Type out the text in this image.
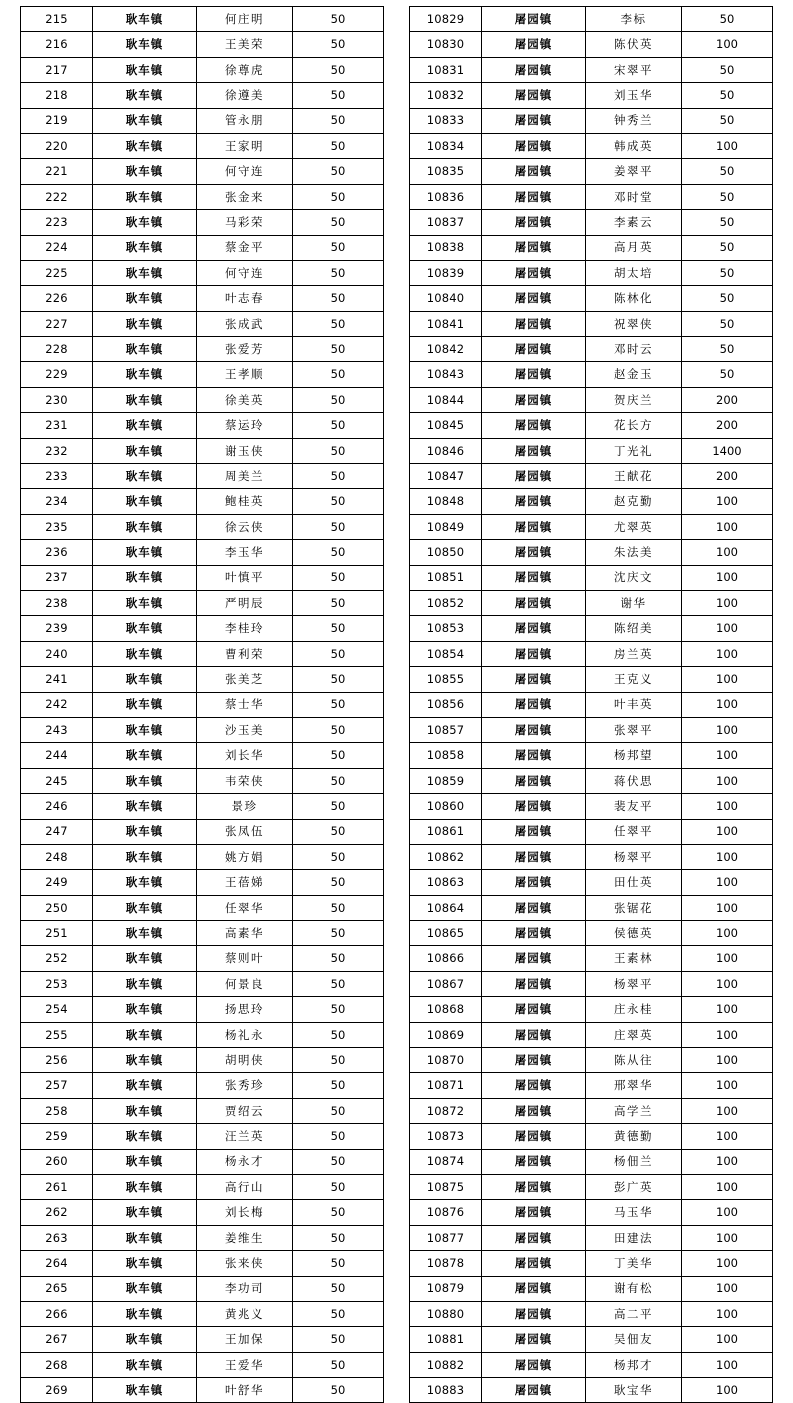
215	耿车镇	何庄明	50
216	耿车镇	王美荣	50
217	耿车镇	徐尊虎	50
218	耿车镇	徐遵美	50
219	耿车镇	管永朋	50
220	耿车镇	王家明	50
221	耿车镇	何守连	50
222	耿车镇	张金来	50
223	耿车镇	马彩荣	50
224	耿车镇	蔡金平	50
225	耿车镇	何守连	50
226	耿车镇	叶志春	50
227	耿车镇	张成武	50
228	耿车镇	张爱芳	50
229	耿车镇	王孝顺	50
230	耿车镇	徐美英	50
231	耿车镇	蔡运玲	50
232	耿车镇	谢玉侠	50
233	耿车镇	周美兰	50
234	耿车镇	鲍桂英	50
235	耿车镇	徐云侠	50
236	耿车镇	李玉华	50
237	耿车镇	叶慎平	50
238	耿车镇	严明辰	50
239	耿车镇	李桂玲	50
240	耿车镇	曹利荣	50
241	耿车镇	张美芝	50
242	耿车镇	蔡士华	50
243	耿车镇	沙玉美	50
244	耿车镇	刘长华	50
245	耿车镇	韦荣侠	50
246	耿车镇	景珍	50
247	耿车镇	张凤伍	50
248	耿车镇	姚方娟	50
249	耿车镇	王蓓娣	50
250	耿车镇	任翠华	50
251	耿车镇	高素华	50
252	耿车镇	蔡则叶	50
253	耿车镇	何景良	50
254	耿车镇	扬思玲	50
255	耿车镇	杨礼永	50
256	耿车镇	胡明侠	50
257	耿车镇	张秀珍	50
258	耿车镇	贾绍云	50
259	耿车镇	汪兰英	50
260	耿车镇	杨永才	50
261	耿车镇	高行山	50
262	耿车镇	刘长梅	50
263	耿车镇	姜维生	50
264	耿车镇	张来侠	50
265	耿车镇	李功司	50
266	耿车镇	黄兆义	50
267	耿车镇	王加保	50
268	耿车镇	王爱华	50
269	耿车镇	叶舒华	50
10829	屠园镇	李标	50
10830	屠园镇	陈伏英	100
10831	屠园镇	宋翠平	50
10832	屠园镇	刘玉华	50
10833	屠园镇	钟秀兰	50
10834	屠园镇	韩成英	100
10835	屠园镇	姜翠平	50
10836	屠园镇	邓时堂	50
10837	屠园镇	李素云	50
10838	屠园镇	高月英	50
10839	屠园镇	胡太培	50
10840	屠园镇	陈林化	50
10841	屠园镇	祝翠侠	50
10842	屠园镇	邓时云	50
10843	屠园镇	赵金玉	50
10844	屠园镇	贺庆兰	200
10845	屠园镇	花长方	200
10846	屠园镇	丁光礼	1400
10847	屠园镇	王献花	200
10848	屠园镇	赵克勤	100
10849	屠园镇	尤翠英	100
10850	屠园镇	朱法美	100
10851	屠园镇	沈庆文	100
10852	屠园镇	谢华	100
10853	屠园镇	陈绍美	100
10854	屠园镇	房兰英	100
10855	屠园镇	王克义	100
10856	屠园镇	叶丰英	100
10857	屠园镇	张翠平	100
10858	屠园镇	杨邦望	100
10859	屠园镇	蒋伏思	100
10860	屠园镇	裴友平	100
10861	屠园镇	任翠平	100
10862	屠园镇	杨翠平	100
10863	屠园镇	田仕英	100
10864	屠园镇	张锯花	100
10865	屠园镇	侯德英	100
10866	屠园镇	王素林	100
10867	屠园镇	杨翠平	100
10868	屠园镇	庄永桂	100
10869	屠园镇	庄翠英	100
10870	屠园镇	陈从往	100
10871	屠园镇	邢翠华	100
10872	屠园镇	高学兰	100
10873	屠园镇	黄德勤	100
10874	屠园镇	杨佃兰	100
10875	屠园镇	彭广英	100
10876	屠园镇	马玉华	100
10877	屠园镇	田建法	100
10878	屠园镇	丁美华	100
10879	屠园镇	谢有松	100
10880	屠园镇	高二平	100
10881	屠园镇	吴佃友	100
10882	屠园镇	杨邦才	100
10883	屠园镇	耿宝华	100
